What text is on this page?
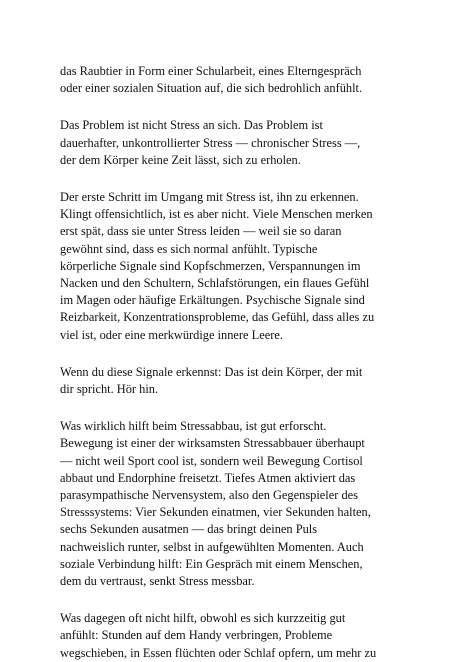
das Raubtier in Form einer Schularbeit, eines Elterngespräch
oder einer sozialen Situation auf, die sich bedrohlich anfühlt.

Das Problem ist nicht Stress an sich. Das Problem ist
dauerhafter, unkontrollierter Stress — chronischer Stress —,
der dem Körper keine Zeit lässt, sich zu erholen.

Der erste Schritt im Umgang mit Stress ist, ihn zu erkennen.
Klingt offensichtlich, ist es aber nicht. Viele Menschen merken
erst spät, dass sie unter Stress leiden — weil sie so daran
gewöhnt sind, dass es sich normal anfühlt. Typische
körperliche Signale sind Kopfschmerzen, Verspannungen im
Nacken und den Schultern, Schlafstörungen, ein flaues Gefühl
im Magen oder häufige Erkältungen. Psychische Signale sind
Reizbarkeit, Konzentrationsprobleme, das Gefühl, dass alles zu
viel ist, oder eine merkwürdige innere Leere.

Wenn du diese Signale erkennst: Das ist dein Körper, der mit
dir spricht. Hör hin.

Was wirklich hilft beim Stressabbau, ist gut erforscht.
Bewegung ist einer der wirksamsten Stressabbauer überhaupt
— nicht weil Sport cool ist, sondern weil Bewegung Cortisol
abbaut und Endorphine freisetzt. Tiefes Atmen aktiviert das
parasympathische Nervensystem, also den Gegenspieler des
Stresssystems: Vier Sekunden einatmen, vier Sekunden halten,
sechs Sekunden ausatmen — das bringt deinen Puls
nachweislich runter, selbst in aufgewühlten Momenten. Auch
soziale Verbindung hilft: Ein Gespräch mit einem Menschen,
dem du vertraust, senkt Stress messbar.

Was dagegen oft nicht hilft, obwohl es sich kurzzeitig gut
anfühlt: Stunden auf dem Handy verbringen, Probleme
wegschieben, in Essen flüchten oder Schlaf opfern, um mehr zu
